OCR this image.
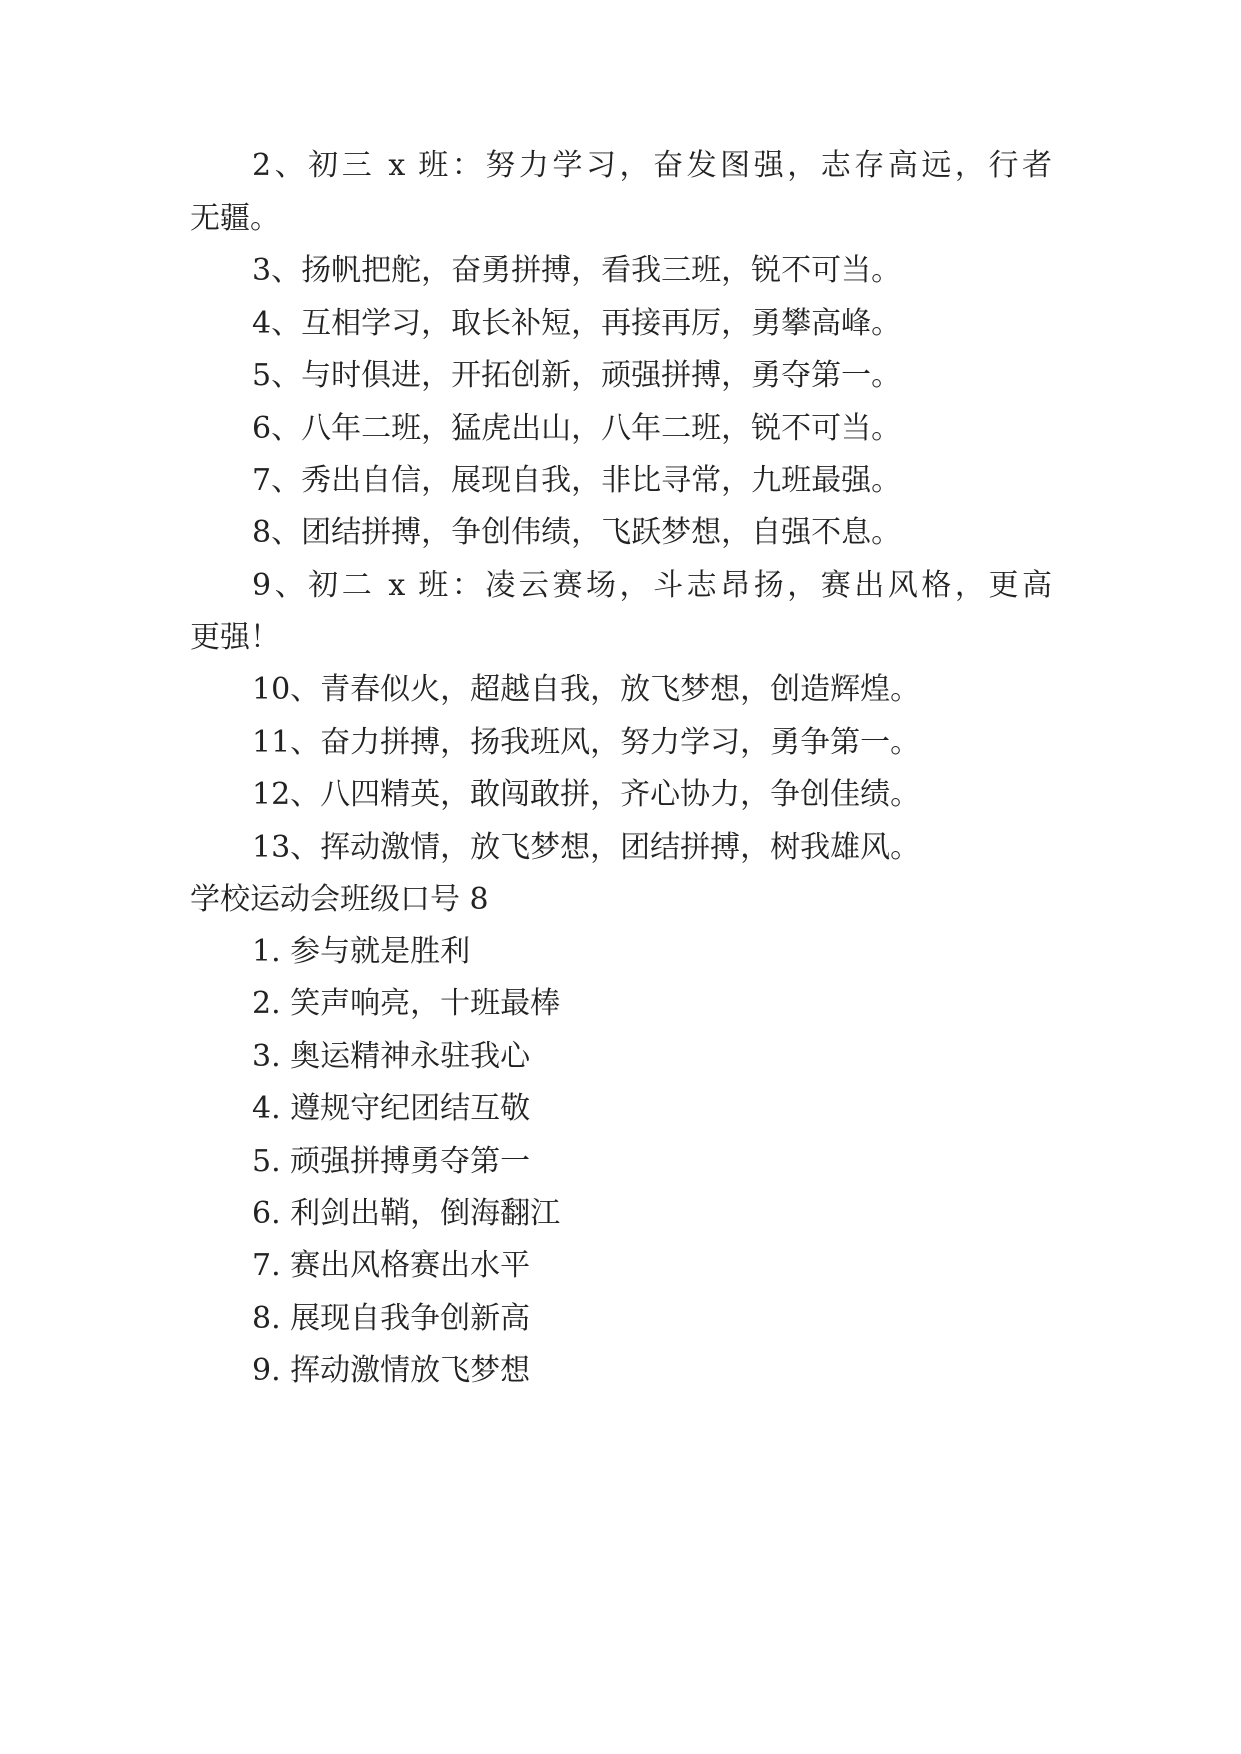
2、初三 x 班：努力学习，奋发图强，志存高远，行者
无疆。
3、扬帆把舵，奋勇拼搏，看我三班，锐不可当。
4、互相学习，取长补短，再接再厉，勇攀高峰。
5、与时俱进，开拓创新，顽强拼搏，勇夺第一。
6、八年二班，猛虎出山，八年二班，锐不可当。
7、秀出自信，展现自我，非比寻常，九班最强。
8、团结拼搏，争创伟绩，飞跃梦想，自强不息。
9、初二 x 班：凌云赛场，斗志昂扬，赛出风格，更高
更强！
10、青春似火，超越自我，放飞梦想，创造辉煌。
11、奋力拼搏，扬我班风，努力学习，勇争第一。
12、八四精英，敢闯敢拼，齐心协力，争创佳绩。
13、挥动激情，放飞梦想，团结拼搏，树我雄风。
学校运动会班级口号 8
1. 参与就是胜利
2. 笑声响亮，十班最棒
3. 奥运精神永驻我心
4. 遵规守纪团结互敬
5. 顽强拼搏勇夺第一
6. 利剑出鞘，倒海翻江
7. 赛出风格赛出水平
8. 展现自我争创新高
9. 挥动激情放飞梦想
